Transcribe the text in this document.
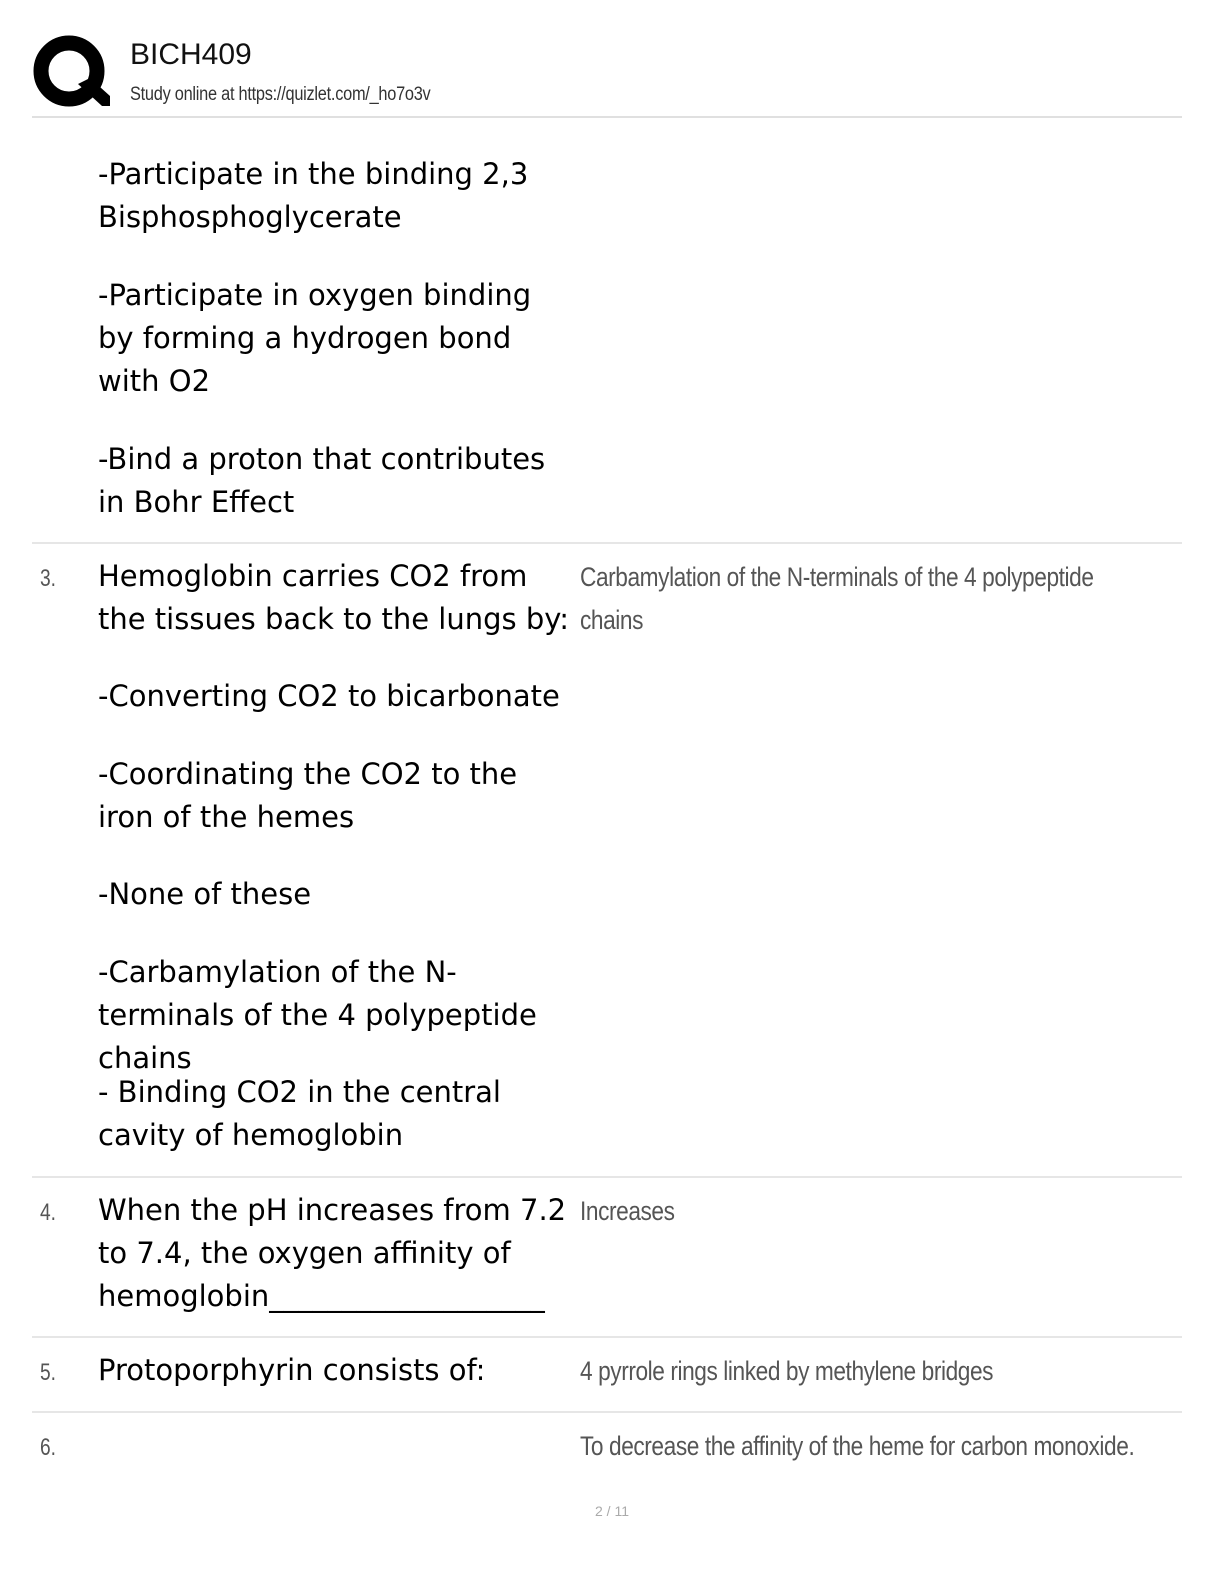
BICH409
Study online at https://quizlet.com/_ho7o3v
-Participate in the binding 2,3 Bisphosphoglycerate
-Participate in oxygen binding by forming a hydrogen bond with O2
-Bind a proton that contributes in Bohr Effect
3. Hemoglobin carries CO2 from the tissues back to the lungs by:
Carbamylation of the N-terminals of the 4 polypeptide
chains
-Converting CO2 to bicarbonate
-Coordinating the CO2 to the iron of the hemes
-None of these
-Carbamylation of the N-terminals of the 4 polypeptide chains
- Binding CO2 in the central cavity of hemoglobin
4. When the pH increases from 7.2 to 7.4, the oxygen affinity of hemoglobin___________________
Increases
5. Protoporphyrin consists of:	4 pyrrole rings linked by methylene bridges
6.	To decrease the affinity of the heme for carbon monoxide.
2 / 11
